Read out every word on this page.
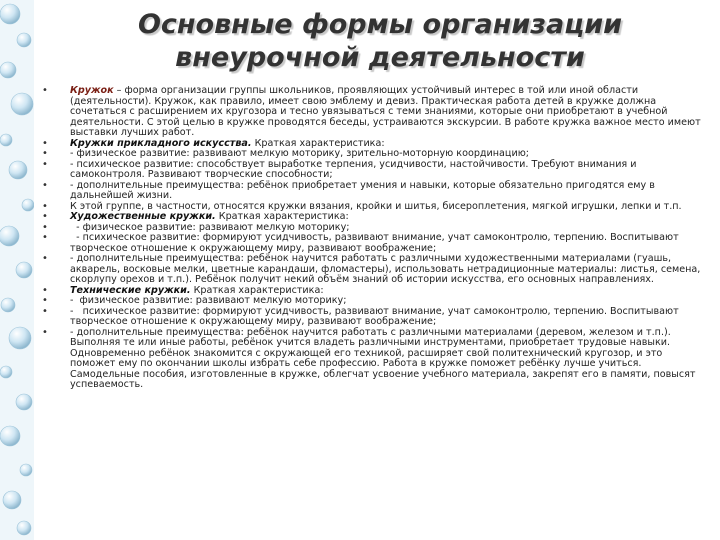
Основные формы организации
внеурочной деятельности
• Кружок – форма организации группы школьников, проявляющих устойчивый интерес в той или иной области (деятельности). Кружок, как правило, имеет свою эмблему и девиз. Практическая работа детей в кружке должна сочетаться с расширением их кругозора и тесно увязываться с теми знаниями, которые они приобретают в учебной деятельности. С этой целью в кружке проводятся беседы, устраиваются экскурсии. В работе кружка важное место имеют выставки лучших работ.
• Кружки прикладного искусства. Краткая характеристика:
• - физическое развитие: развивают мелкую моторику, зрительно-моторную координацию;
• - психическое развитие: способствует выработке терпения, усидчивости, настойчивости. Требуют внимания и самоконтроля. Развивают творческие способности;
• - дополнительные преимущества: ребёнок приобретает умения и навыки, которые обязательно пригодятся ему в дальнейшей жизни.
• К этой группе, в частности, относятся кружки вязания, кройки и шитья, бисероплетения, мягкой игрушки, лепки и т.п.
• Художественные кружки. Краткая характеристика:
• - физическое развитие: развивают мелкую моторику;
• - психическое развитие: формируют усидчивость, развивают внимание, учат самоконтролю, терпению. Воспитывают творческое отношение к окружающему миру, развивают воображение;
• - дополнительные преимущества: ребёнок научится работать с различными художественными материалами (гуашь, акварель, восковые мелки, цветные карандаши, фломастеры), использовать нетрадиционные материалы: листья, семена, скорлупу орехов и т.п.). Ребёнок получит некий объём знаний об истории искусства, его основных направлениях.
• Технические кружки. Краткая характеристика:
• -  физическое развитие: развивают мелкую моторику;
• -   психическое развитие: формируют усидчивость, развивают внимание, учат самоконтролю, терпению. Воспитывают творческое отношение к окружающему миру, развивают воображение;
• - дополнительные преимущества: ребёнок научится работать с различными материалами (деревом, железом и т.п.). Выполняя те или иные работы, ребёнок учится владеть различными инструментами, приобретает трудовые навыки. Одновременно ребёнок знакомится с окружающей его техникой, расширяет свой политехнический кругозор, и это поможет ему по окончании школы избрать себе профессию. Работа в кружке поможет ребёнку лучше учиться. Самодельные пособия, изготовленные в кружке, облегчат усвоение учебного материала, закрепят его в памяти, повысят успеваемость.
